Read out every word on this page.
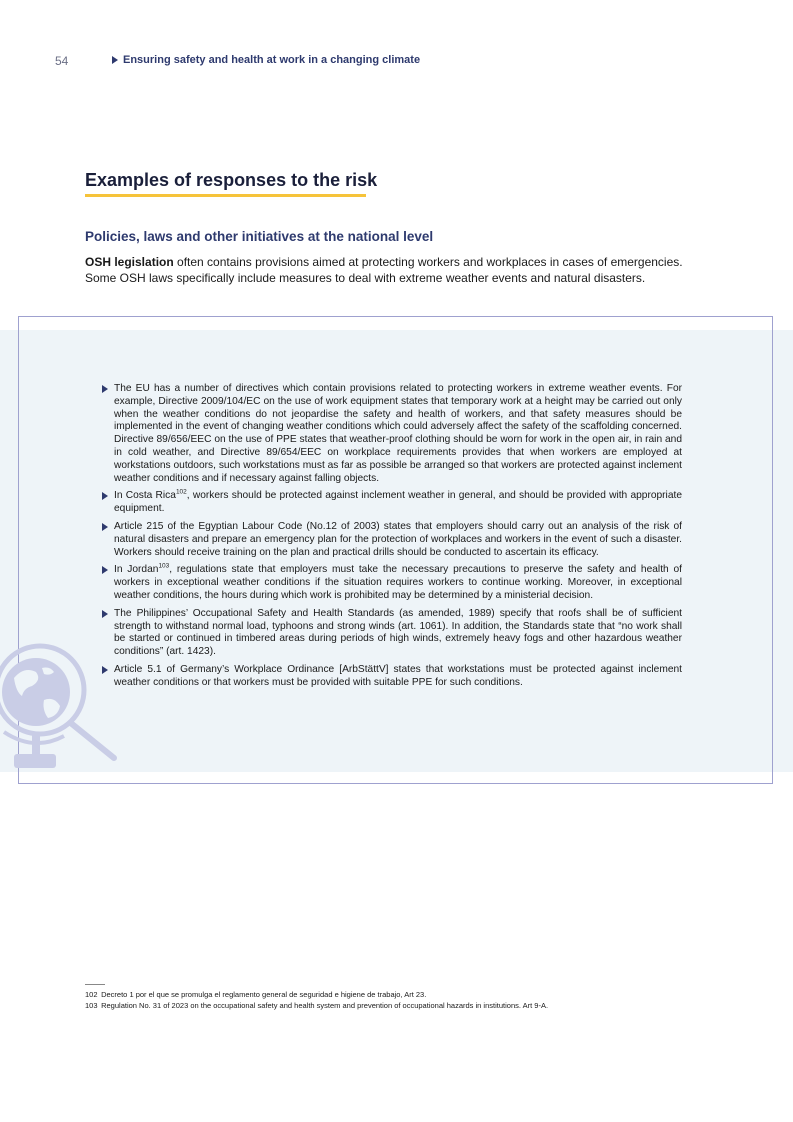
54	Ensuring safety and health at work in a changing climate
Examples of responses to the risk
Policies, laws and other initiatives at the national level

OSH legislation often contains provisions aimed at protecting workers and workplaces in cases of emergencies. Some OSH laws specifically include measures to deal with extreme weather events and natural disasters.

The EU has a number of directives which contain provisions related to protecting workers in extreme weather events. For example, Directive 2009/104/EC on the use of work equipment states that temporary work at a height may be carried out only when the weather conditions do not jeopardise the safety and health of workers, and that safety measures should be implemented in the event of changing weather conditions which could adversely affect the safety of the scaffolding concerned. Directive 89/656/EEC on the use of PPE states that weather-proof clothing should be worn for work in the open air, in rain and in cold weather, and Directive 89/654/EEC on workplace requirements provides that when workers are employed at workstations outdoors, such workstations must as far as possible be arranged so that workers are protected against inclement weather conditions and if necessary against falling objects.
In Costa Rica$^{102}$, workers should be protected against inclement weather in general, and should be provided with appropriate equipment.
Article 215 of the Egyptian Labour Code (No.12 of 2003) states that employers should carry out an analysis of the risk of natural disasters and prepare an emergency plan for the protection of workplaces and workers in the event of such a disaster. Workers should receive training on the plan and practical drills should be conducted to ascertain its efficacy.
In Jordan$^{103}$, regulations state that employers must take the necessary precautions to preserve the safety and health of workers in exceptional weather conditions if the situation requires workers to continue working. Moreover, in exceptional weather conditions, the hours during which work is prohibited may be determined by a ministerial decision.
The Philippines’ Occupational Safety and Health Standards (as amended, 1989) specify that roofs shall be of sufficient strength to withstand normal load, typhoons and strong winds (art. 1061). In addition, the Standards state that “no work shall be started or continued in timbered areas during periods of high winds, extremely heavy fogs and other hazardous weather conditions” (art. 1423).
Article 5.1 of Germany’s Workplace Ordinance [ArbStättV] states that workstations must be protected against inclement weather conditions or that workers must be provided with suitable PPE for such conditions.
102 Decreto 1 por el que se promulga el reglamento general de seguridad e higiene de trabajo, Art 23.
103 Regulation No. 31 of 2023 on the occupational safety and health system and prevention of occupational hazards in institutions. Art 9-A.
